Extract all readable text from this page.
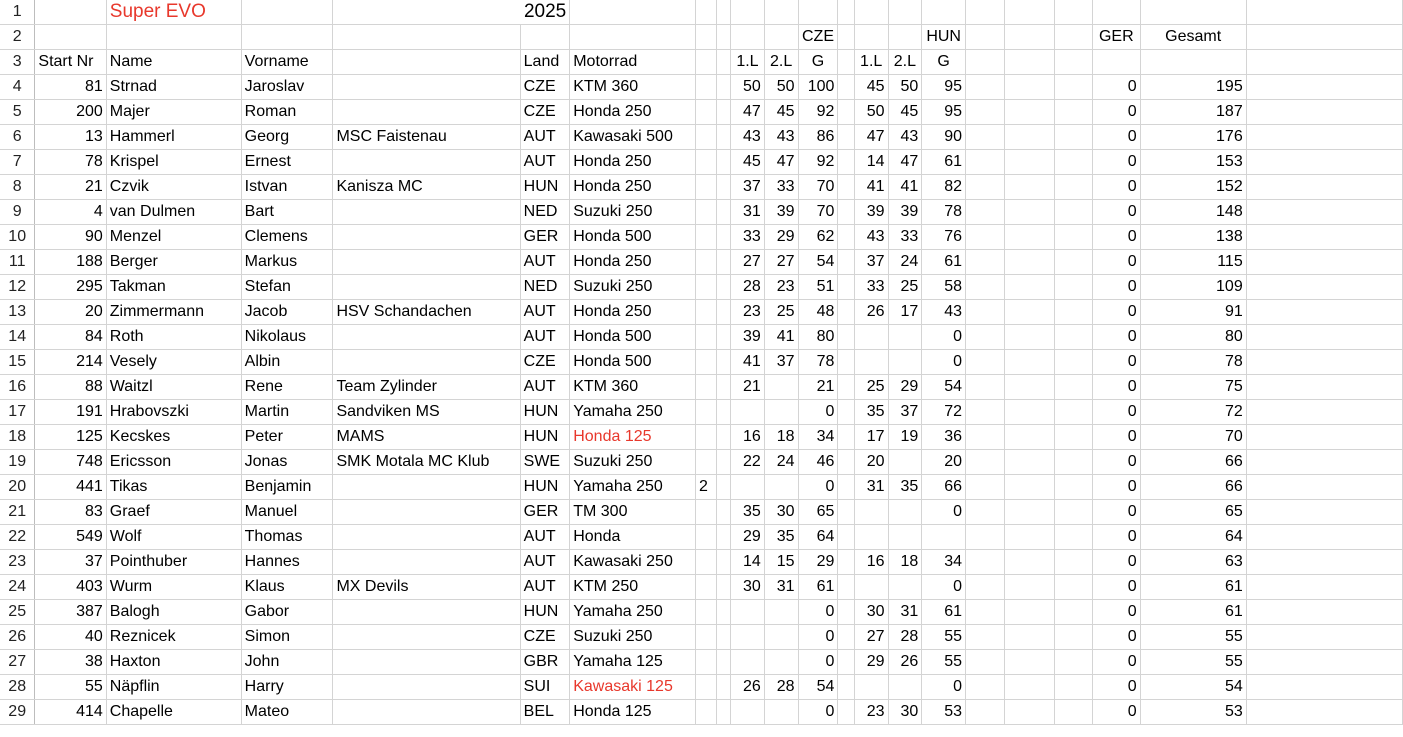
1		Super EVO		2025																	
2											CZE				HUN				GER	Gesamt	
3	Start Nr	Name	Vorname		Land	Motorrad			1.L	2.L	G		1.L	2.L	G						
4	81	Strnad	Jaroslav		CZE	KTM 360			50	50	100		45	50	95				0	195	
5	200	Majer	Roman		CZE	Honda 250			47	45	92		50	45	95				0	187	
6	13	Hammerl	Georg	MSC Faistenau	AUT	Kawasaki 500			43	43	86		47	43	90				0	176	
7	78	Krispel	Ernest		AUT	Honda 250			45	47	92		14	47	61				0	153	
8	21	Czvik	Istvan	Kanisza MC	HUN	Honda 250			37	33	70		41	41	82				0	152	
9	4	van Dulmen	Bart		NED	Suzuki 250			31	39	70		39	39	78				0	148	
10	90	Menzel	Clemens		GER	Honda 500			33	29	62		43	33	76				0	138	
11	188	Berger	Markus		AUT	Honda 250			27	27	54		37	24	61				0	115	
12	295	Takman	Stefan		NED	Suzuki 250			28	23	51		33	25	58				0	109	
13	20	Zimmermann	Jacob	HSV Schandachen	AUT	Honda 250			23	25	48		26	17	43				0	91	
14	84	Roth	Nikolaus		AUT	Honda 500			39	41	80				0				0	80	
15	214	Vesely	Albin		CZE	Honda 500			41	37	78				0				0	78	
16	88	Waitzl	Rene	Team Zylinder	AUT	KTM 360			21		21		25	29	54				0	75	
17	191	Hrabovszki	Martin	Sandviken MS	HUN	Yamaha 250					0		35	37	72				0	72	
18	125	Kecskes	Peter	MAMS	HUN	Honda 125			16	18	34		17	19	36				0	70	
19	748	Ericsson	Jonas	SMK Motala MC Klub	SWE	Suzuki 250			22	24	46		20		20				0	66	
20	441	Tikas	Benjamin		HUN	Yamaha 250	2				0		31	35	66				0	66	
21	83	Graef	Manuel		GER	TM 300			35	30	65				0				0	65	
22	549	Wolf	Thomas		AUT	Honda			29	35	64								0	64	
23	37	Pointhuber	Hannes		AUT	Kawasaki 250			14	15	29		16	18	34				0	63	
24	403	Wurm	Klaus	MX Devils	AUT	KTM 250			30	31	61				0				0	61	
25	387	Balogh	Gabor		HUN	Yamaha 250					0		30	31	61				0	61	
26	40	Reznicek	Simon		CZE	Suzuki 250					0		27	28	55				0	55	
27	38	Haxton	John		GBR	Yamaha 125					0		29	26	55				0	55	
28	55	Näpflin	Harry		SUI	Kawasaki 125			26	28	54				0				0	54	
29	414	Chapelle	Mateo		BEL	Honda 125					0		23	30	53				0	53	
